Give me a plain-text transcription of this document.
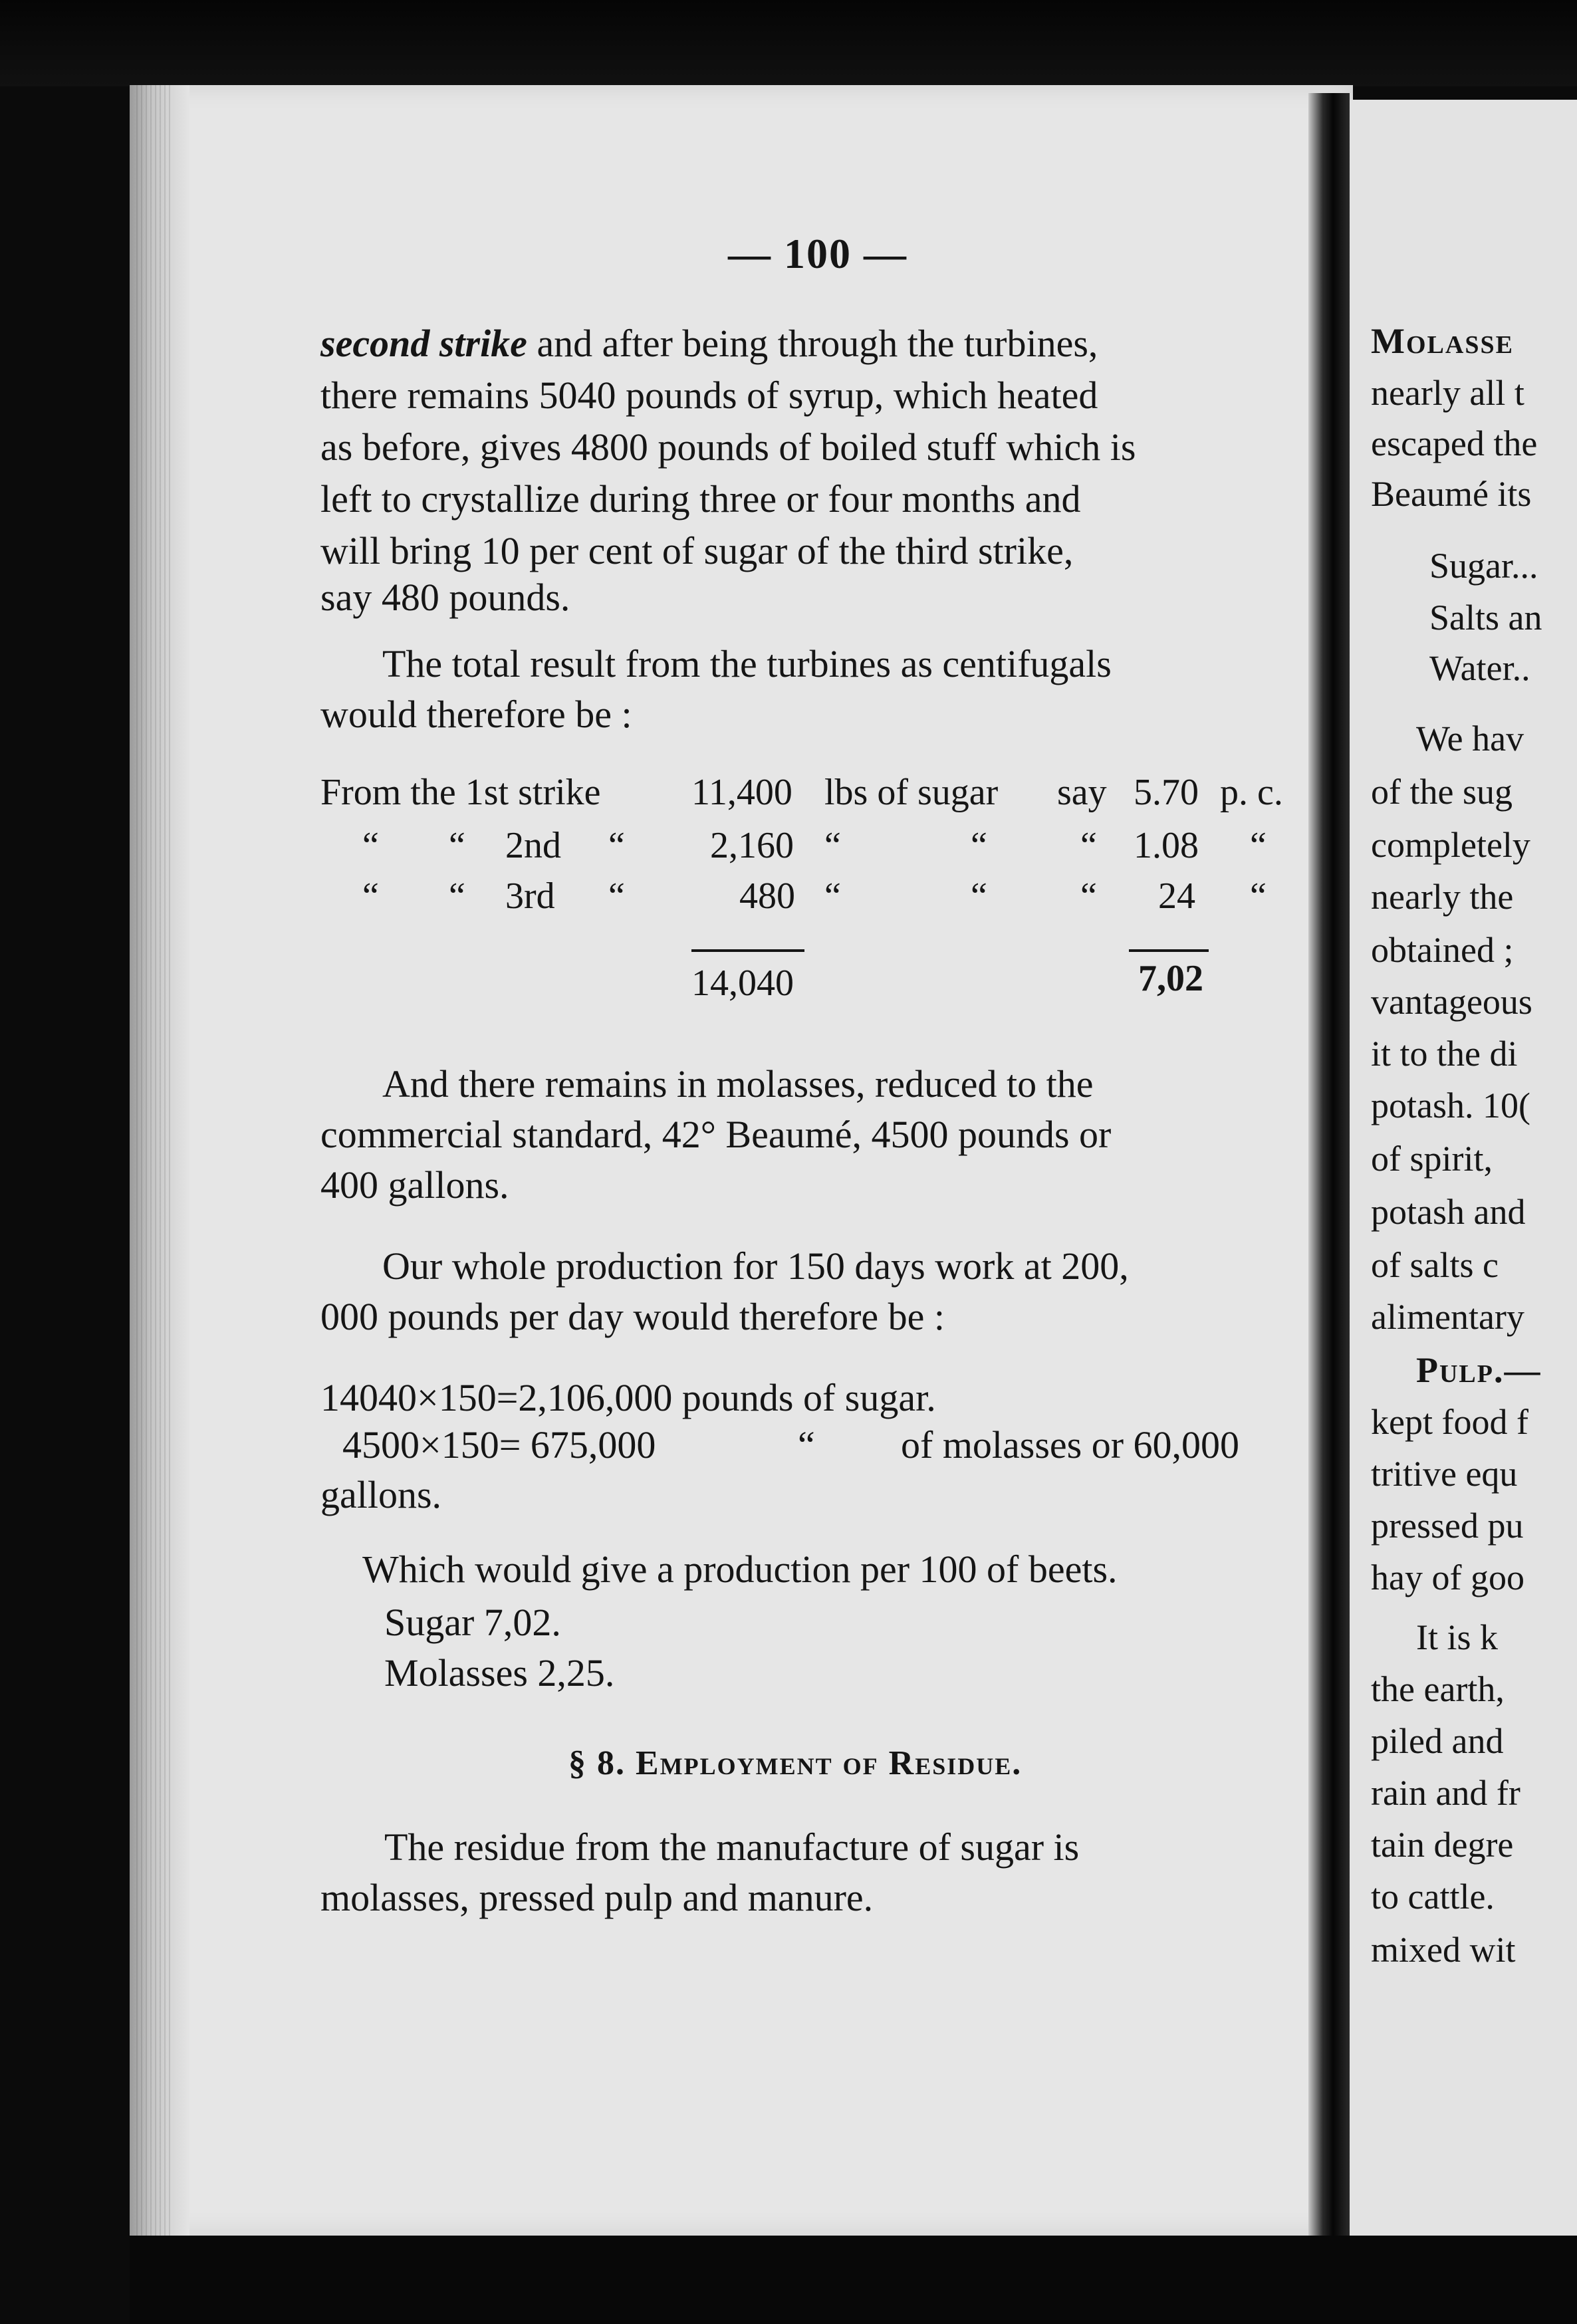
— 100 —
second strike and after being through the turbines,
there remains 5040 pounds of syrup, which heated
as before, gives 4800 pounds of boiled stuff which is
left to crystallize during three or four months and
will bring 10 per cent of sugar of the third strike,
say 480 pounds.
The total result from the turbines as centifugals
would therefore be :
From the 1st strike 11,400 lbs of sugar say 5.70 p. c.
“ “ 2nd “ 2,160 “	“	“ 1.08 “
“ “ 3rd “	480 “	“	“ 24 “
14,040	7,02
And there remains in molasses, reduced to the
commercial standard, 42° Beaumé, 4500 pounds or
400 gallons.
Our whole production for 150 days work at 200,
000 pounds per day would therefore be :
14040×150=2,106,000 pounds of sugar.
4500×150= 675,000	“ of molasses or 60,000
gallons.
Which would give a production per 100 of beets.
Sugar 7,02.
Molasses 2,25.
§ 8. Employment of Residue.
The residue from the manufacture of sugar is
molasses, pressed pulp and manure.
Molasse
nearly all t
escaped the
Beaumé its
Sugar...
Salts an
Water..
We hav
of the sug
completely
nearly the
obtained ;
vantageous
it to the di
potash. 10(
of spirit,
potash and
of salts c
alimentary
Pulp.—
kept food f
tritive equ
pressed pu
hay of goo
It is k
the earth,
piled and
rain and fr
tain degre
to cattle.
mixed wit
